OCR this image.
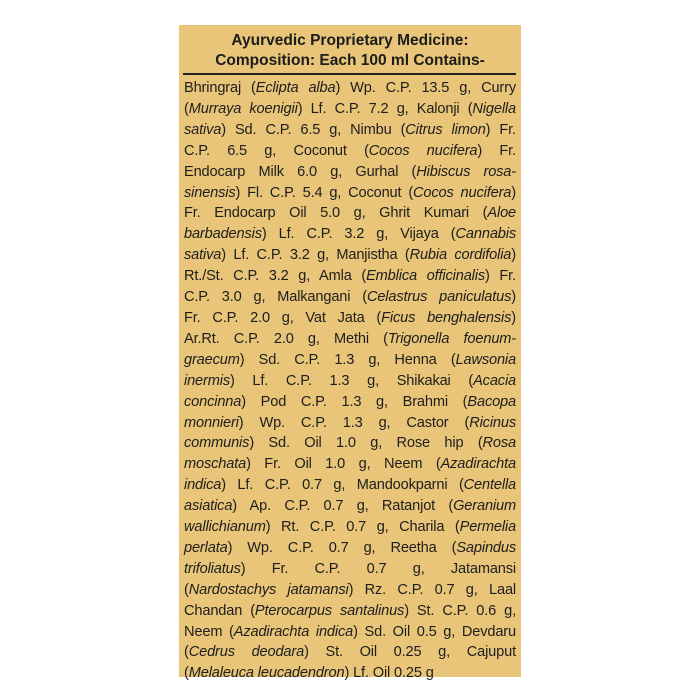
Ayurvedic Proprietary Medicine:
Composition: Each 100 ml Contains-
Bhringraj (Eclipta alba) Wp. C.P. 13.5 g, Curry
(Murraya koenigii) Lf. C.P. 7.2 g, Kalonji (Nigella
sativa) Sd. C.P. 6.5 g, Nimbu (Citrus limon) Fr.
C.P. 6.5 g, Coconut (Cocos nucifera) Fr.
Endocarp Milk 6.0 g, Gurhal (Hibiscus rosa-
sinensis) Fl. C.P. 5.4 g, Coconut (Cocos nucifera)
Fr. Endocarp Oil 5.0 g, Ghrit Kumari (Aloe
barbadensis) Lf. C.P. 3.2 g, Vijaya (Cannabis
sativa) Lf. C.P. 3.2 g, Manjistha (Rubia cordifolia)
Rt./St. C.P. 3.2 g, Amla (Emblica officinalis) Fr.
C.P. 3.0 g, Malkangani (Celastrus paniculatus)
Fr. C.P. 2.0 g, Vat Jata (Ficus benghalensis)
Ar.Rt. C.P. 2.0 g, Methi (Trigonella foenum-
graecum) Sd. C.P. 1.3 g, Henna (Lawsonia
inermis) Lf. C.P. 1.3 g, Shikakai (Acacia
concinna) Pod C.P. 1.3 g, Brahmi (Bacopa
monnieri) Wp. C.P. 1.3 g, Castor (Ricinus
communis) Sd. Oil 1.0 g, Rose hip (Rosa
moschata) Fr. Oil 1.0 g, Neem (Azadirachta
indica) Lf. C.P. 0.7 g, Mandookparni (Centella
asiatica) Ap. C.P. 0.7 g, Ratanjot (Geranium
wallichianum) Rt. C.P. 0.7 g, Charila (Permelia
perlata) Wp. C.P. 0.7 g, Reetha (Sapindus
trifoliatus) Fr. C.P. 0.7 g, Jatamansi
(Nardostachys jatamansi) Rz. C.P. 0.7 g, Laal
Chandan (Pterocarpus santalinus) St. C.P. 0.6 g,
Neem (Azadirachta indica) Sd. Oil 0.5 g, Devdaru
(Cedrus deodara) St. Oil 0.25 g, Cajuput
(Melaleuca leucadendron) Lf. Oil 0.25 g
